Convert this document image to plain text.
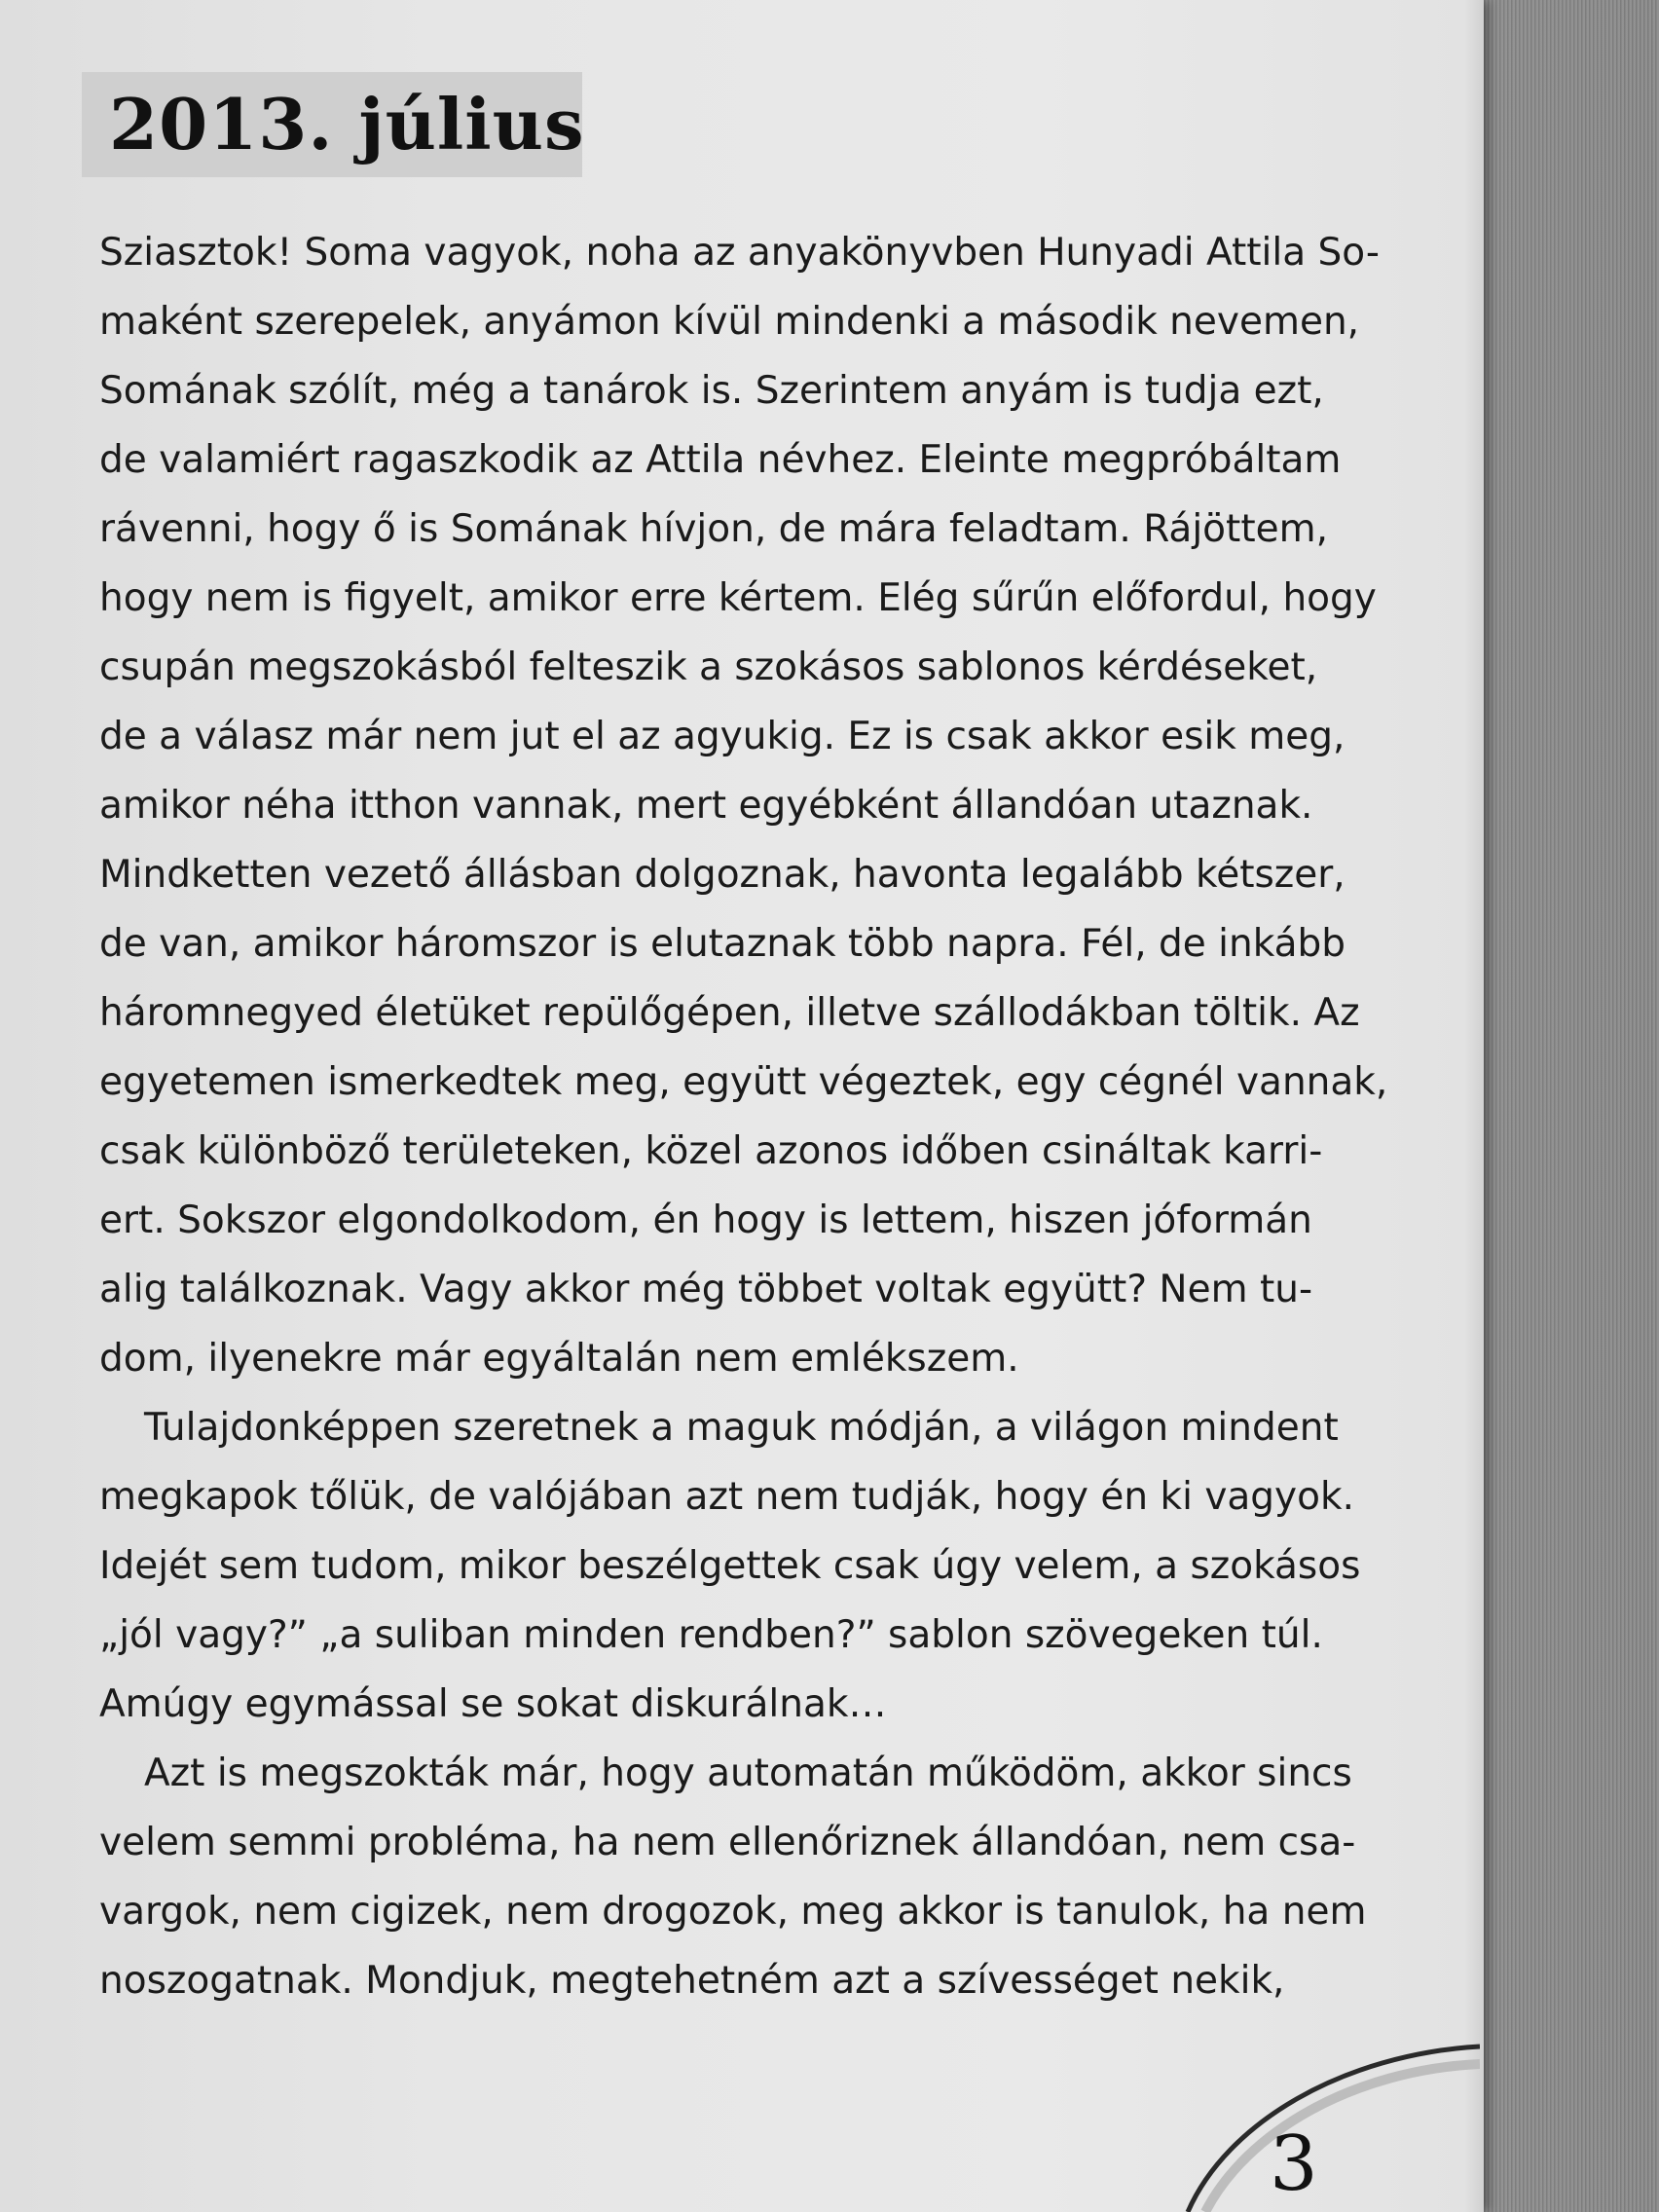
2013. július
Sziasztok! Soma vagyok, noha az anyakönyvben Hunyadi Attila So-
maként szerepelek, anyámon kívül mindenki a második nevemen,
Somának szólít, még a tanárok is. Szerintem anyám is tudja ezt,
de valamiért ragaszkodik az Attila névhez. Eleinte megpróbáltam
rávenni, hogy ő is Somának hívjon, de mára feladtam. Rájöttem,
hogy nem is figyelt, amikor erre kértem. Elég sűrűn előfordul, hogy
csupán megszokásból felteszik a szokásos sablonos kérdéseket,
de a válasz már nem jut el az agyukig. Ez is csak akkor esik meg,
amikor néha itthon vannak, mert egyébként állandóan utaznak.
Mindketten vezető állásban dolgoznak, havonta legalább kétszer,
de van, amikor háromszor is elutaznak több napra. Fél, de inkább
háromnegyed életüket repülőgépen, illetve szállodákban töltik. Az
egyetemen ismerkedtek meg, együtt végeztek, egy cégnél vannak,
csak különböző területeken, közel azonos időben csináltak karri-
ert. Sokszor elgondolkodom, én hogy is lettem, hiszen jóformán
alig találkoznak. Vagy akkor még többet voltak együtt? Nem tu-
dom, ilyenekre már egyáltalán nem emlékszem.
Tulajdonképpen szeretnek a maguk módján, a világon mindent
megkapok tőlük, de valójában azt nem tudják, hogy én ki vagyok.
Idejét sem tudom, mikor beszélgettek csak úgy velem, a szokásos
„jól vagy?” „a suliban minden rendben?” sablon szövegeken túl.
Amúgy egymással se sokat diskurálnak…
Azt is megszokták már, hogy automatán működöm, akkor sincs
velem semmi probléma, ha nem ellenőriznek állandóan, nem csa-
vargok, nem cigizek, nem drogozok, meg akkor is tanulok, ha nem
noszogatnak. Mondjuk, megtehetném azt a szívességet nekik,
3
